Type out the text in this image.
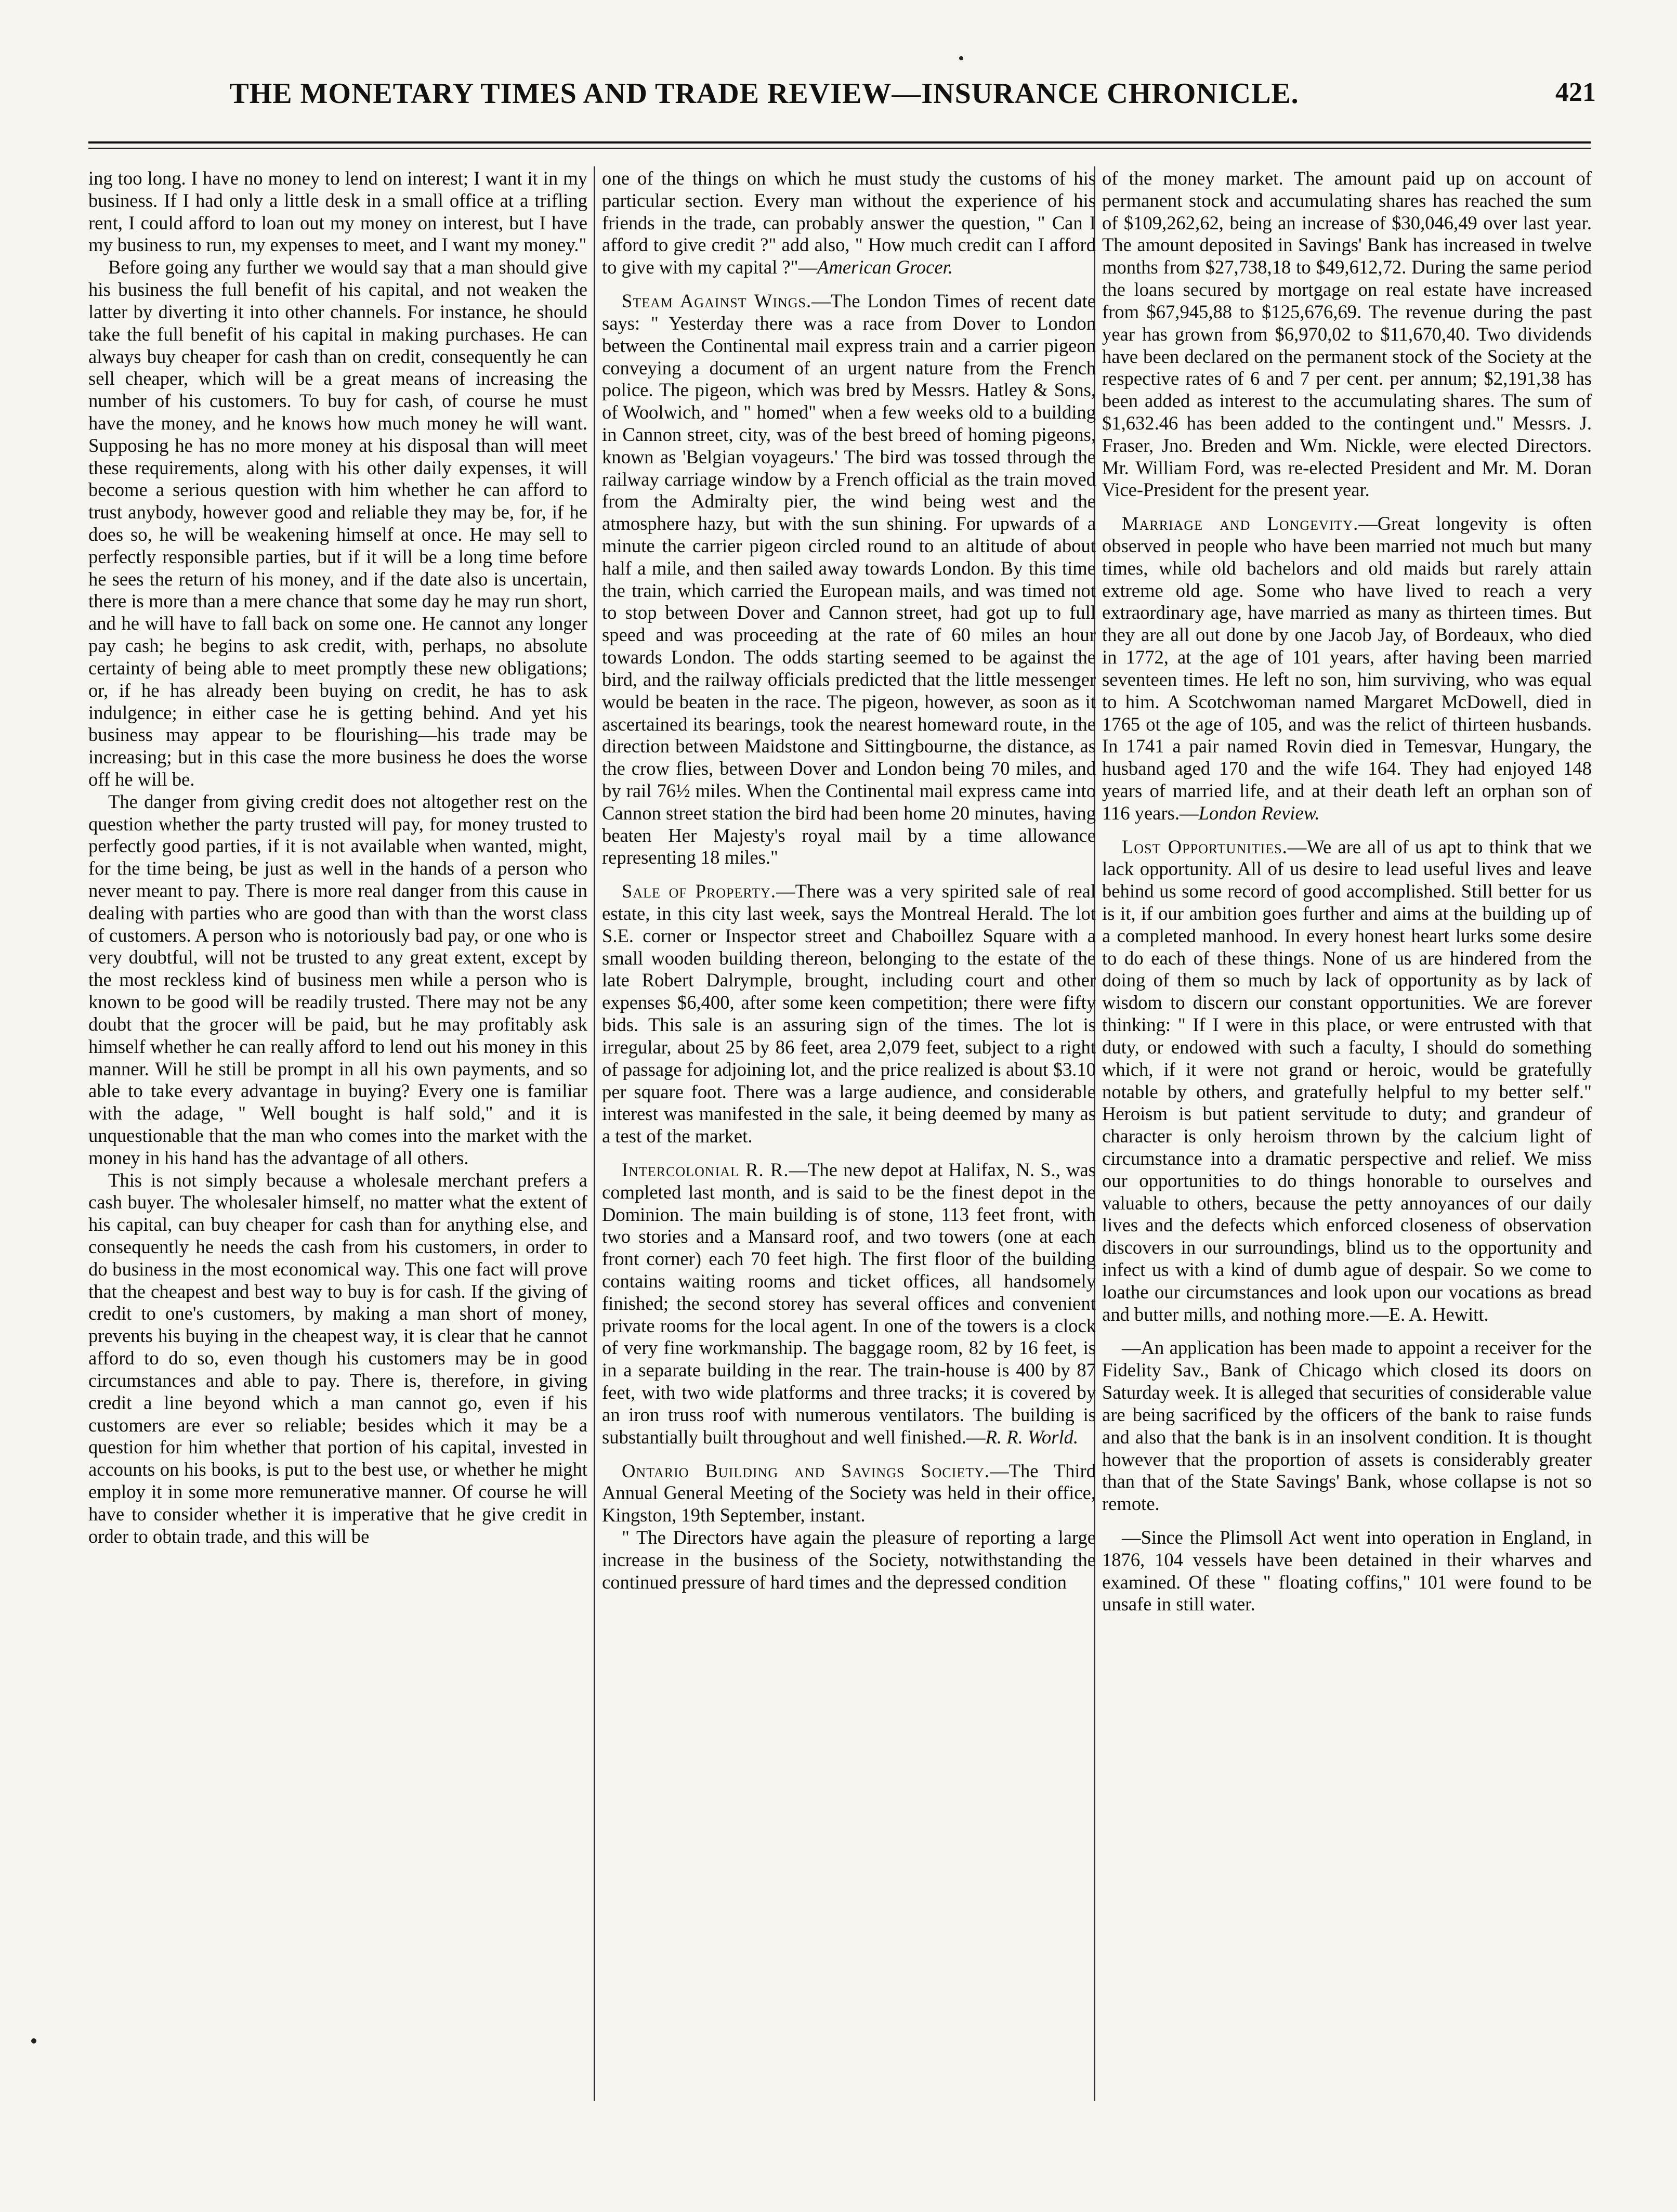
THE MONETARY TIMES AND TRADE REVIEW—INSURANCE CHRONICLE.	421

ing too long. I have no money to lend on interest; I want it in my business. If I had only a little desk in a small office at a trifling rent, I could afford to loan out my money on interest, but I have my business to run, my expenses to meet, and I want my money."

Before going any further we would say that a man should give his business the full benefit of his capital, and not weaken the latter by diverting it into other channels. For instance, he should take the full benefit of his capital in making purchases. He can always buy cheaper for cash than on credit, consequently he can sell cheaper, which will be a great means of increasing the number of his customers. To buy for cash, of course he must have the money, and he knows how much money he will want. Supposing he has no more money at his disposal than will meet these requirements, along with his other daily expenses, it will become a serious question with him whether he can afford to trust anybody, however good and reliable they may be, for, if he does so, he will be weakening himself at once. He may sell to perfectly responsible parties, but if it will be a long time before he sees the return of his money, and if the date also is uncertain, there is more than a mere chance that some day he may run short, and he will have to fall back on some one. He cannot any longer pay cash; he begins to ask credit, with, perhaps, no absolute certainty of being able to meet promptly these new obligations; or, if he has already been buying on credit, he has to ask indulgence; in either case he is getting behind. And yet his business may appear to be flourishing—his trade may be increasing; but in this case the more business he does the worse off he will be.

The danger from giving credit does not altogether rest on the question whether the party trusted will pay, for money trusted to perfectly good parties, if it is not available when wanted, might, for the time being, be just as well in the hands of a person who never meant to pay. There is more real danger from this cause in dealing with parties who are good than with than the worst class of customers. A person who is notoriously bad pay, or one who is very doubtful, will not be trusted to any great extent, except by the most reckless kind of business men while a person who is known to be good will be readily trusted. There may not be any doubt that the grocer will be paid, but he may profitably ask himself whether he can really afford to lend out his money in this manner. Will he still be prompt in all his own payments, and so able to take every advantage in buying? Every one is familiar with the adage, " Well bought is half sold," and it is unquestionable that the man who comes into the market with the money in his hand has the advantage of all others.

This is not simply because a wholesale merchant prefers a cash buyer. The wholesaler himself, no matter what the extent of his capital, can buy cheaper for cash than for anything else, and consequently he needs the cash from his customers, in order to do business in the most economical way. This one fact will prove that the cheapest and best way to buy is for cash. If the giving of credit to one's customers, by making a man short of money, prevents his buying in the cheapest way, it is clear that he cannot afford to do so, even though his customers may be in good circumstances and able to pay. There is, therefore, in giving credit a line beyond which a man cannot go, even if his customers are ever so reliable; besides which it may be a question for him whether that portion of his capital, invested in accounts on his books, is put to the best use, or whether he might employ it in some more remunerative manner. Of course he will have to consider whether it is imperative that he give credit in order to obtain trade, and this will be

one of the things on which he must study the customs of his particular section. Every man without the experience of his friends in the trade, can probably answer the question, " Can I afford to give credit ?" add also, " How much credit can I afford to give with my capital ?"—American Grocer.

Steam Against Wings.—The London Times of recent date says: " Yesterday there was a race from Dover to London between the Continental mail express train and a carrier pigeon conveying a document of an urgent nature from the French police. The pigeon, which was bred by Messrs. Hatley & Sons, of Woolwich, and " homed" when a few weeks old to a building in Cannon street, city, was of the best breed of homing pigeons, known as 'Belgian voyageurs.' The bird was tossed through the railway carriage window by a French official as the train moved from the Admiralty pier, the wind being west and the atmosphere hazy, but with the sun shining. For upwards of a minute the carrier pigeon circled round to an altitude of about half a mile, and then sailed away towards London. By this time the train, which carried the European mails, and was timed not to stop between Dover and Cannon street, had got up to full speed and was proceeding at the rate of 60 miles an hour towards London. The odds starting seemed to be against the bird, and the railway officials predicted that the little messenger would be beaten in the race. The pigeon, however, as soon as it ascertained its bearings, took the nearest homeward route, in the direction between Maidstone and Sittingbourne, the distance, as the crow flies, between Dover and London being 70 miles, and by rail 76½ miles. When the Continental mail express came into Cannon street station the bird had been home 20 minutes, having beaten Her Majesty's royal mail by a time allowance representing 18 miles."

Sale of Property.—There was a very spirited sale of real estate, in this city last week, says the Montreal Herald. The lot S.E. corner or Inspector street and Chaboillez Square with a small wooden building thereon, belonging to the estate of the late Robert Dalrymple, brought, including court and other expenses $6,400, after some keen competition; there were fifty bids. This sale is an assuring sign of the times. The lot is irregular, about 25 by 86 feet, area 2,079 feet, subject to a right of passage for adjoining lot, and the price realized is about $3.10 per square foot. There was a large audience, and considerable interest was manifested in the sale, it being deemed by many as a test of the market.

Intercolonial R. R.—The new depot at Halifax, N. S., was completed last month, and is said to be the finest depot in the Dominion. The main building is of stone, 113 feet front, with two stories and a Mansard roof, and two towers (one at each front corner) each 70 feet high. The first floor of the building contains waiting rooms and ticket offices, all handsomely finished; the second storey has several offices and convenient private rooms for the local agent. In one of the towers is a clock of very fine workmanship. The baggage room, 82 by 16 feet, is in a separate building in the rear. The train-house is 400 by 87 feet, with two wide platforms and three tracks; it is covered by an iron truss roof with numerous ventilators. The building is substantially built throughout and well finished.—R. R. World.

Ontario Building and Savings Society.—The Third Annual General Meeting of the Society was held in their office, Kingston, 19th September, instant.

" The Directors have again the pleasure of reporting a large increase in the business of the Society, notwithstanding the continued pressure of hard times and the depressed condition

of the money market. The amount paid up on account of permanent stock and accumulating shares has reached the sum of $109,262,62, being an increase of $30,046,49 over last year. The amount deposited in Savings' Bank has increased in twelve months from $27,738,18 to $49,612,72. During the same period the loans secured by mortgage on real estate have increased from $67,945,88 to $125,676,69. The revenue during the past year has grown from $6,970,02 to $11,670,40. Two dividends have been declared on the permanent stock of the Society at the respective rates of 6 and 7 per cent. per annum; $2,191,38 has been added as interest to the accumulating shares. The sum of $1,632.46 has been added to the contingent und." Messrs. J. Fraser, Jno. Breden and Wm. Nickle, were elected Directors. Mr. William Ford, was re-elected President and Mr. M. Doran Vice-President for the present year.

Marriage and Longevity.—Great longevity is often observed in people who have been married not much but many times, while old bachelors and old maids but rarely attain extreme old age. Some who have lived to reach a very extraordinary age, have married as many as thirteen times. But they are all out done by one Jacob Jay, of Bordeaux, who died in 1772, at the age of 101 years, after having been married seventeen times. He left no son, him surviving, who was equal to him. A Scotchwoman named Margaret McDowell, died in 1765 ot the age of 105, and was the relict of thirteen husbands. In 1741 a pair named Rovin died in Temesvar, Hungary, the husband aged 170 and the wife 164. They had enjoyed 148 years of married life, and at their death left an orphan son of 116 years.—London Review.

Lost Opportunities.—We are all of us apt to think that we lack opportunity. All of us desire to lead useful lives and leave behind us some record of good accomplished. Still better for us is it, if our ambition goes further and aims at the building up of a completed manhood. In every honest heart lurks some desire to do each of these things. None of us are hindered from the doing of them so much by lack of opportunity as by lack of wisdom to discern our constant opportunities. We are forever thinking: " If I were in this place, or were entrusted with that duty, or endowed with such a faculty, I should do something which, if it were not grand or heroic, would be gratefully notable by others, and gratefully helpful to my better self." Heroism is but patient servitude to duty; and grandeur of character is only heroism thrown by the calcium light of circumstance into a dramatic perspective and relief. We miss our opportunities to do things honorable to ourselves and valuable to others, because the petty annoyances of our daily lives and the defects which enforced closeness of observation discovers in our surroundings, blind us to the opportunity and infect us with a kind of dumb ague of despair. So we come to loathe our circumstances and look upon our vocations as bread and butter mills, and nothing more.—E. A. Hewitt.

—An application has been made to appoint a receiver for the Fidelity Sav., Bank of Chicago which closed its doors on Saturday week. It is alleged that securities of considerable value are being sacrificed by the officers of the bank to raise funds and also that the bank is in an insolvent condition. It is thought however that the proportion of assets is considerably greater than that of the State Savings' Bank, whose collapse is not so remote.

—Since the Plimsoll Act went into operation in England, in 1876, 104 vessels have been detained in their wharves and examined. Of these " floating coffins," 101 were found to be unsafe in still water.
